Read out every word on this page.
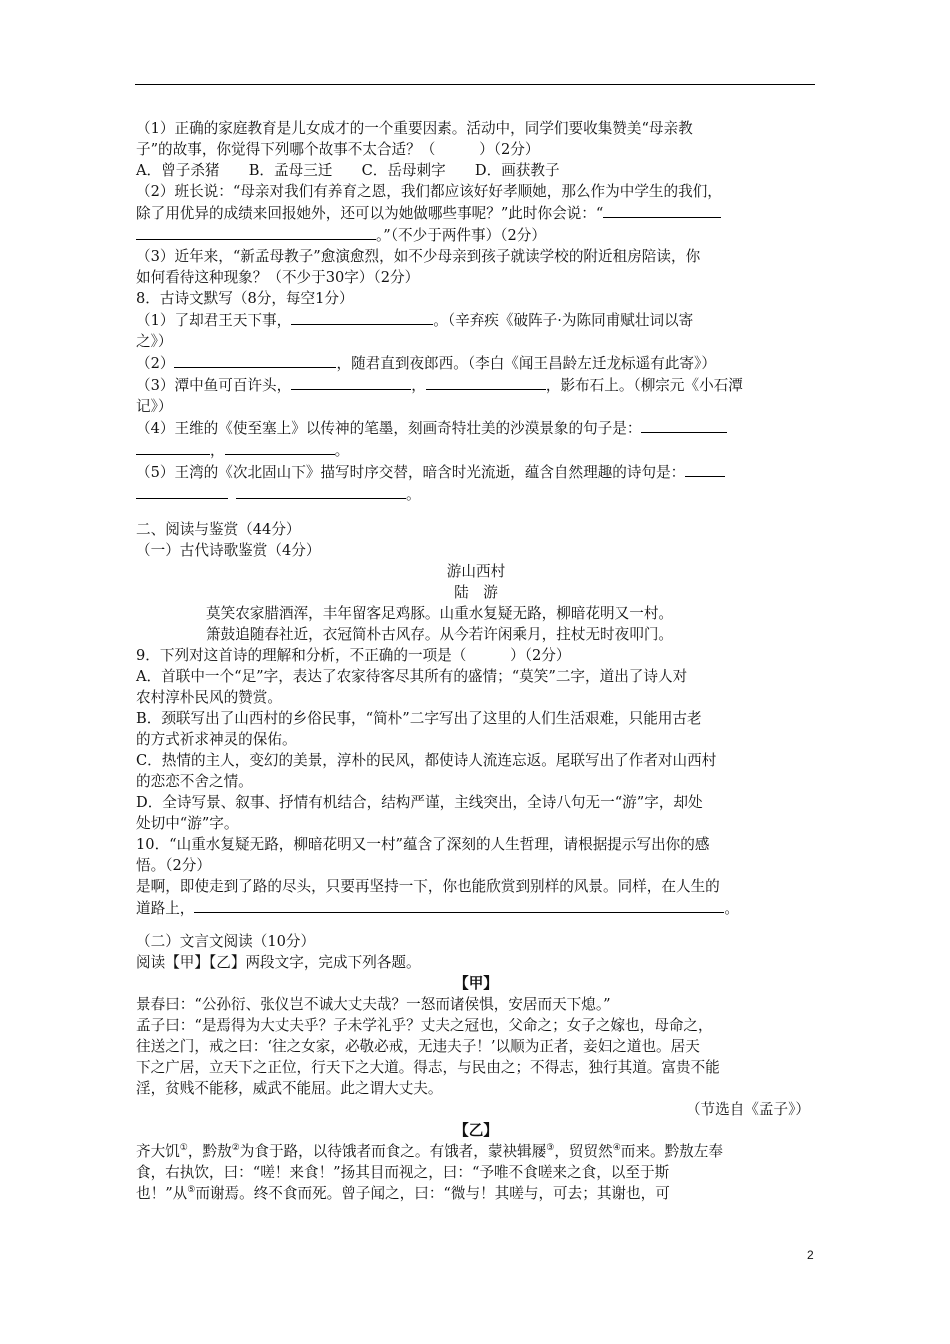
（1）正确的家庭教育是儿女成才的一个重要因素。活动中，同学们要收集赞美“母亲教

子”的故事，你觉得下列哪个故事不太合适？（　　　）（2分）

A．曾子杀猪　　B．孟母三迁　　C．岳母刺字　　D．画获教子

（2）班长说：“母亲对我们有养育之恩，我们都应该好好孝顺她，那么作为中学生的我们，

除了用优异的成绩来回报她外，还可以为她做哪些事呢？”此时你会说：“

。”（不少于两件事）（2分）

（3）近年来，“新孟母教子”愈演愈烈，如不少母亲到孩子就读学校的附近租房陪读，你

如何看待这种现象？（不少于30字）（2分）

8．古诗文默写（8分，每空1分）

（1）了却君王天下事，	。（辛弃疾《破阵子·为陈同甫赋壮词以寄

之》）

（2）	，随君直到夜郎西。（李白《闻王昌龄左迁龙标遥有此寄》）

（3）潭中鱼可百许头，	，	，影布石上。（柳宗元《小石潭

记》）

（4）王维的《使至塞上》以传神的笔墨，刻画奇特壮美的沙漠景象的句子是：

，	。

（5）王湾的《次北固山下》描写时序交替，暗含时光流逝，蕴含自然理趣的诗句是：

。

二、阅读与鉴赏（44分）

（一）古代诗歌鉴赏（4分）

游山西村

陆　游

莫笑农家腊酒浑，丰年留客足鸡豚。山重水复疑无路，柳暗花明又一村。

箫鼓追随春社近，衣冠简朴古风存。从今若许闲乘月，拄杖无时夜叩门。

9．下列对这首诗的理解和分析，不正确的一项是（　　　）（2分）

A．首联中一个“足”字，表达了农家待客尽其所有的盛情；“莫笑”二字，道出了诗人对

农村淳朴民风的赞赏。

B．颈联写出了山西村的乡俗民事，“简朴”二字写出了这里的人们生活艰难，只能用古老

的方式祈求神灵的保佑。

C．热情的主人，变幻的美景，淳朴的民风，都使诗人流连忘返。尾联写出了作者对山西村

的恋恋不舍之情。

D．全诗写景、叙事、抒情有机结合，结构严谨，主线突出，全诗八句无一“游”字，却处

处切中“游”字。

10．“山重水复疑无路，柳暗花明又一村”蕴含了深刻的人生哲理，请根据提示写出你的感

悟。（2分）

是啊，即使走到了路的尽头，只要再坚持一下，你也能欣赏到别样的风景。同样，在人生的

道路上，	。

（二）文言文阅读（10分）

阅读【甲】【乙】两段文字，完成下列各题。

【甲】

景春曰：“公孙衍、张仪岂不诚大丈夫哉？一怒而诸侯惧，安居而天下熄。”

孟子曰：“是焉得为大丈夫乎？子未学礼乎？丈夫之冠也，父命之；女子之嫁也，母命之，

往送之门，戒之曰：‘往之女家，必敬必戒，无违夫子！’以顺为正者，妾妇之道也。居天

下之广居，立天下之正位，行天下之大道。得志，与民由之；不得志，独行其道。富贵不能

淫，贫贱不能移，威武不能屈。此之谓大丈夫。

（节选自《孟子》）

【乙】

齐大饥①，黔敖②为食于路，以待饿者而食之。有饿者，蒙袂辑屦③，贸贸然④而来。黔敖左奉

食，右执饮，曰：“嗟！来食！”扬其目而视之，曰：“予唯不食嗟来之食，以至于斯

也！”从⑤而谢焉。终不食而死。曾子闻之，曰：“微与！其嗟与，可去；其谢也，可

2
